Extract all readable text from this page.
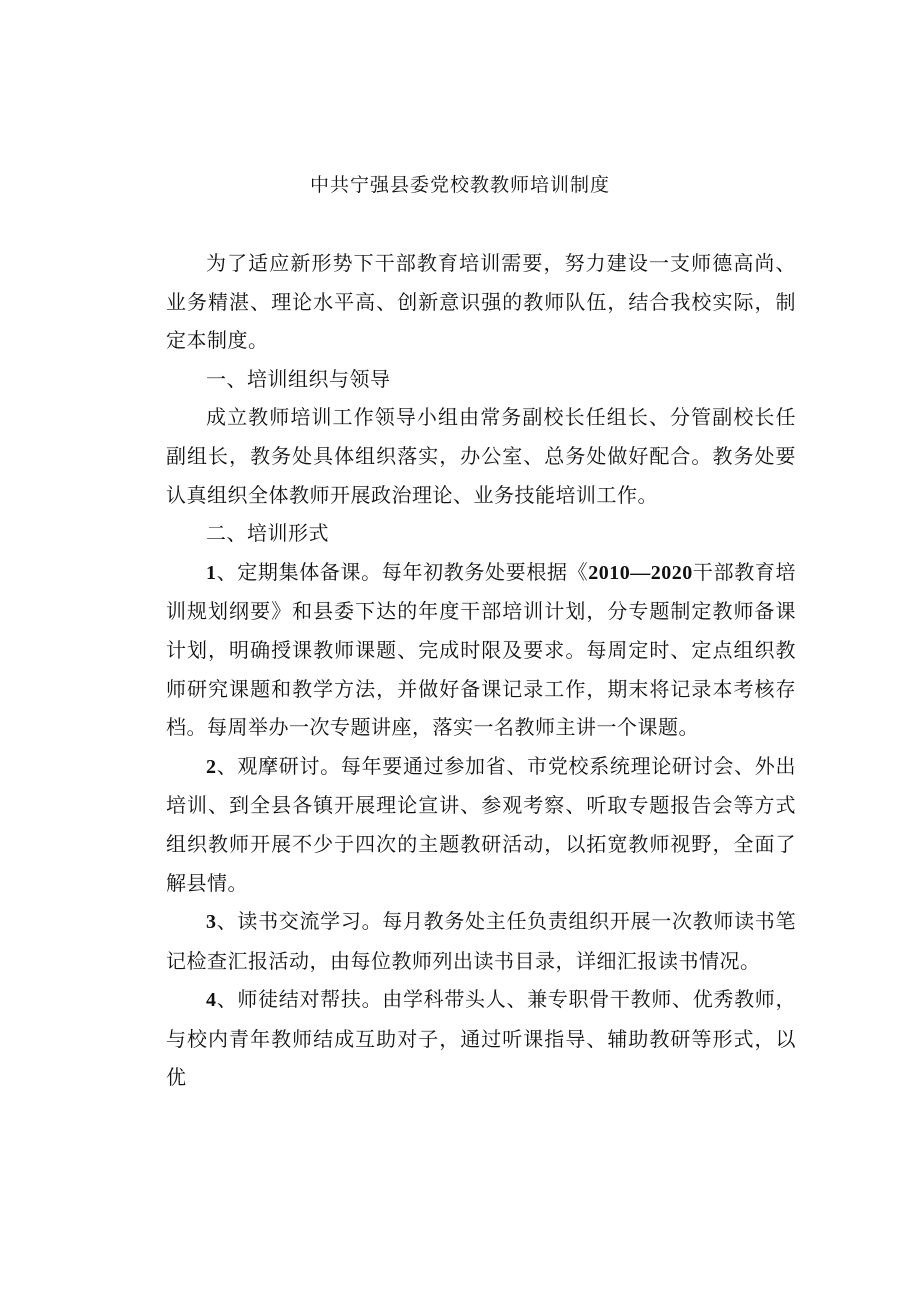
中共宁强县委党校教教师培训制度

为了适应新形势下干部教育培训需要，努力建设一支师德高尚、业务精湛、理论水平高、创新意识强的教师队伍，结合我校实际，制定本制度。

一、培训组织与领导

成立教师培训工作领导小组由常务副校长任组长、分管副校长任副组长，教务处具体组织落实，办公室、总务处做好配合。教务处要认真组织全体教师开展政治理论、业务技能培训工作。

二、培训形式

1、定期集体备课。每年初教务处要根据《2010—2020干部教育培训规划纲要》和县委下达的年度干部培训计划，分专题制定教师备课计划，明确授课教师课题、完成时限及要求。每周定时、定点组织教师研究课题和教学方法，并做好备课记录工作，期末将记录本考核存档。每周举办一次专题讲座，落实一名教师主讲一个课题。

2、观摩研讨。每年要通过参加省、市党校系统理论研讨会、外出培训、到全县各镇开展理论宣讲、参观考察、听取专题报告会等方式组织教师开展不少于四次的主题教研活动，以拓宽教师视野，全面了解县情。

3、读书交流学习。每月教务处主任负责组织开展一次教师读书笔记检查汇报活动，由每位教师列出读书目录，详细汇报读书情况。

4、师徒结对帮扶。由学科带头人、兼专职骨干教师、优秀教师，与校内青年教师结成互助对子，通过听课指导、辅助教研等形式，以优
